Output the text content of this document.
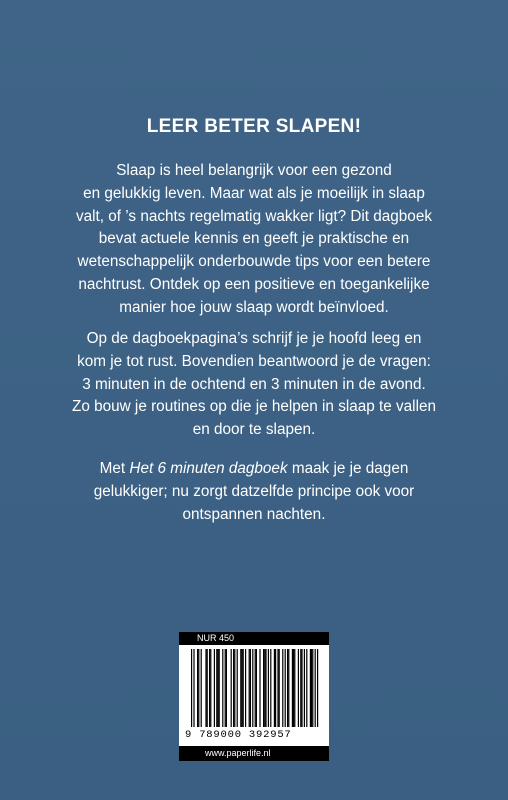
LEER BETER SLAPEN!

Slaap is heel belangrijk voor een gezond
en gelukkig leven. Maar wat als je moeilijk in slaap
valt, of ’s nachts regelmatig wakker ligt? Dit dagboek
bevat actuele kennis en geeft je praktische en
wetenschappelijk onderbouwde tips voor een betere
nachtrust. Ontdek op een positieve en toegankelijke
manier hoe jouw slaap wordt beïnvloed.

Op de dagboekpagina’s schrijf je je hoofd leeg en
kom je tot rust. Bovendien beantwoord je de vragen:
3 minuten in de ochtend en 3 minuten in de avond.
Zo bouw je routines op die je helpen in slaap te vallen
en door te slapen.

Met Het 6 minuten dagboek maak je je dagen
gelukkiger; nu zorgt datzelfde principe ook voor
ontspannen nachten.

NUR 450
9 789000 392957
www.paperlife.nl
